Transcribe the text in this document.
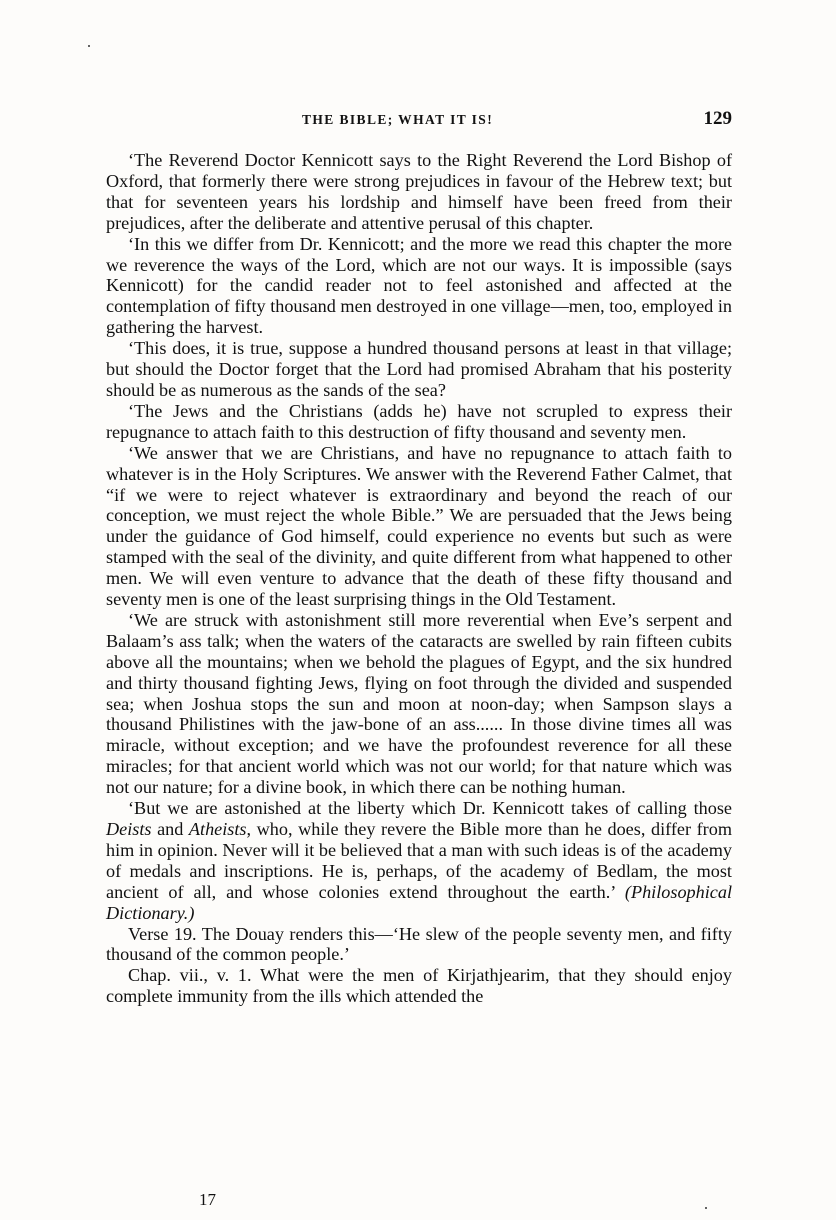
THE BIBLE; WHAT IT IS!	129

‘The Reverend Doctor Kennicott says to the Right Reverend the Lord Bishop of Oxford, that formerly there were strong prejudices in favour of the Hebrew text; but that for seventeen years his lordship and himself have been freed from their prejudices, after the deliberate and attentive perusal of this chapter.

‘In this we differ from Dr. Kennicott; and the more we read this chapter the more we reverence the ways of the Lord, which are not our ways. It is impossible (says Kennicott) for the candid reader not to feel astonished and affected at the contemplation of fifty thousand men destroyed in one village—men, too, employed in gathering the harvest.

‘This does, it is true, suppose a hundred thousand persons at least in that village; but should the Doctor forget that the Lord had promised Abraham that his posterity should be as numerous as the sands of the sea?

‘The Jews and the Christians (adds he) have not scrupled to express their repugnance to attach faith to this destruction of fifty thousand and seventy men.

‘We answer that we are Christians, and have no repugnance to attach faith to whatever is in the Holy Scriptures. We answer with the Reverend Father Calmet, that “if we were to reject whatever is extraordinary and beyond the reach of our conception, we must reject the whole Bible.” We are persuaded that the Jews being under the guidance of God himself, could experience no events but such as were stamped with the seal of the divinity, and quite different from what happened to other men. We will even venture to advance that the death of these fifty thousand and seventy men is one of the least surprising things in the Old Testament.

‘We are struck with astonishment still more reverential when Eve’s serpent and Balaam’s ass talk; when the waters of the cataracts are swelled by rain fifteen cubits above all the mountains; when we behold the plagues of Egypt, and the six hundred and thirty thousand fighting Jews, flying on foot through the divided and suspended sea; when Joshua stops the sun and moon at noon-day; when Sampson slays a thousand Philistines with the jaw-bone of an ass...... In those divine times all was miracle, without exception; and we have the profoundest reverence for all these miracles; for that ancient world which was not our world; for that nature which was not our nature; for a divine book, in which there can be nothing human.

‘But we are astonished at the liberty which Dr. Kennicott takes of calling those Deists and Atheists, who, while they revere the Bible more than he does, differ from him in opinion. Never will it be believed that a man with such ideas is of the academy of medals and inscriptions. He is, perhaps, of the academy of Bedlam, the most ancient of all, and whose colonies extend throughout the earth.’ (Philosophical Dictionary.)

Verse 19. The Douay renders this—‘He slew of the people seventy men, and fifty thousand of the common people.’

Chap. vii., v. 1. What were the men of Kirjathjearim, that they should enjoy complete immunity from the ills which attended the

17
